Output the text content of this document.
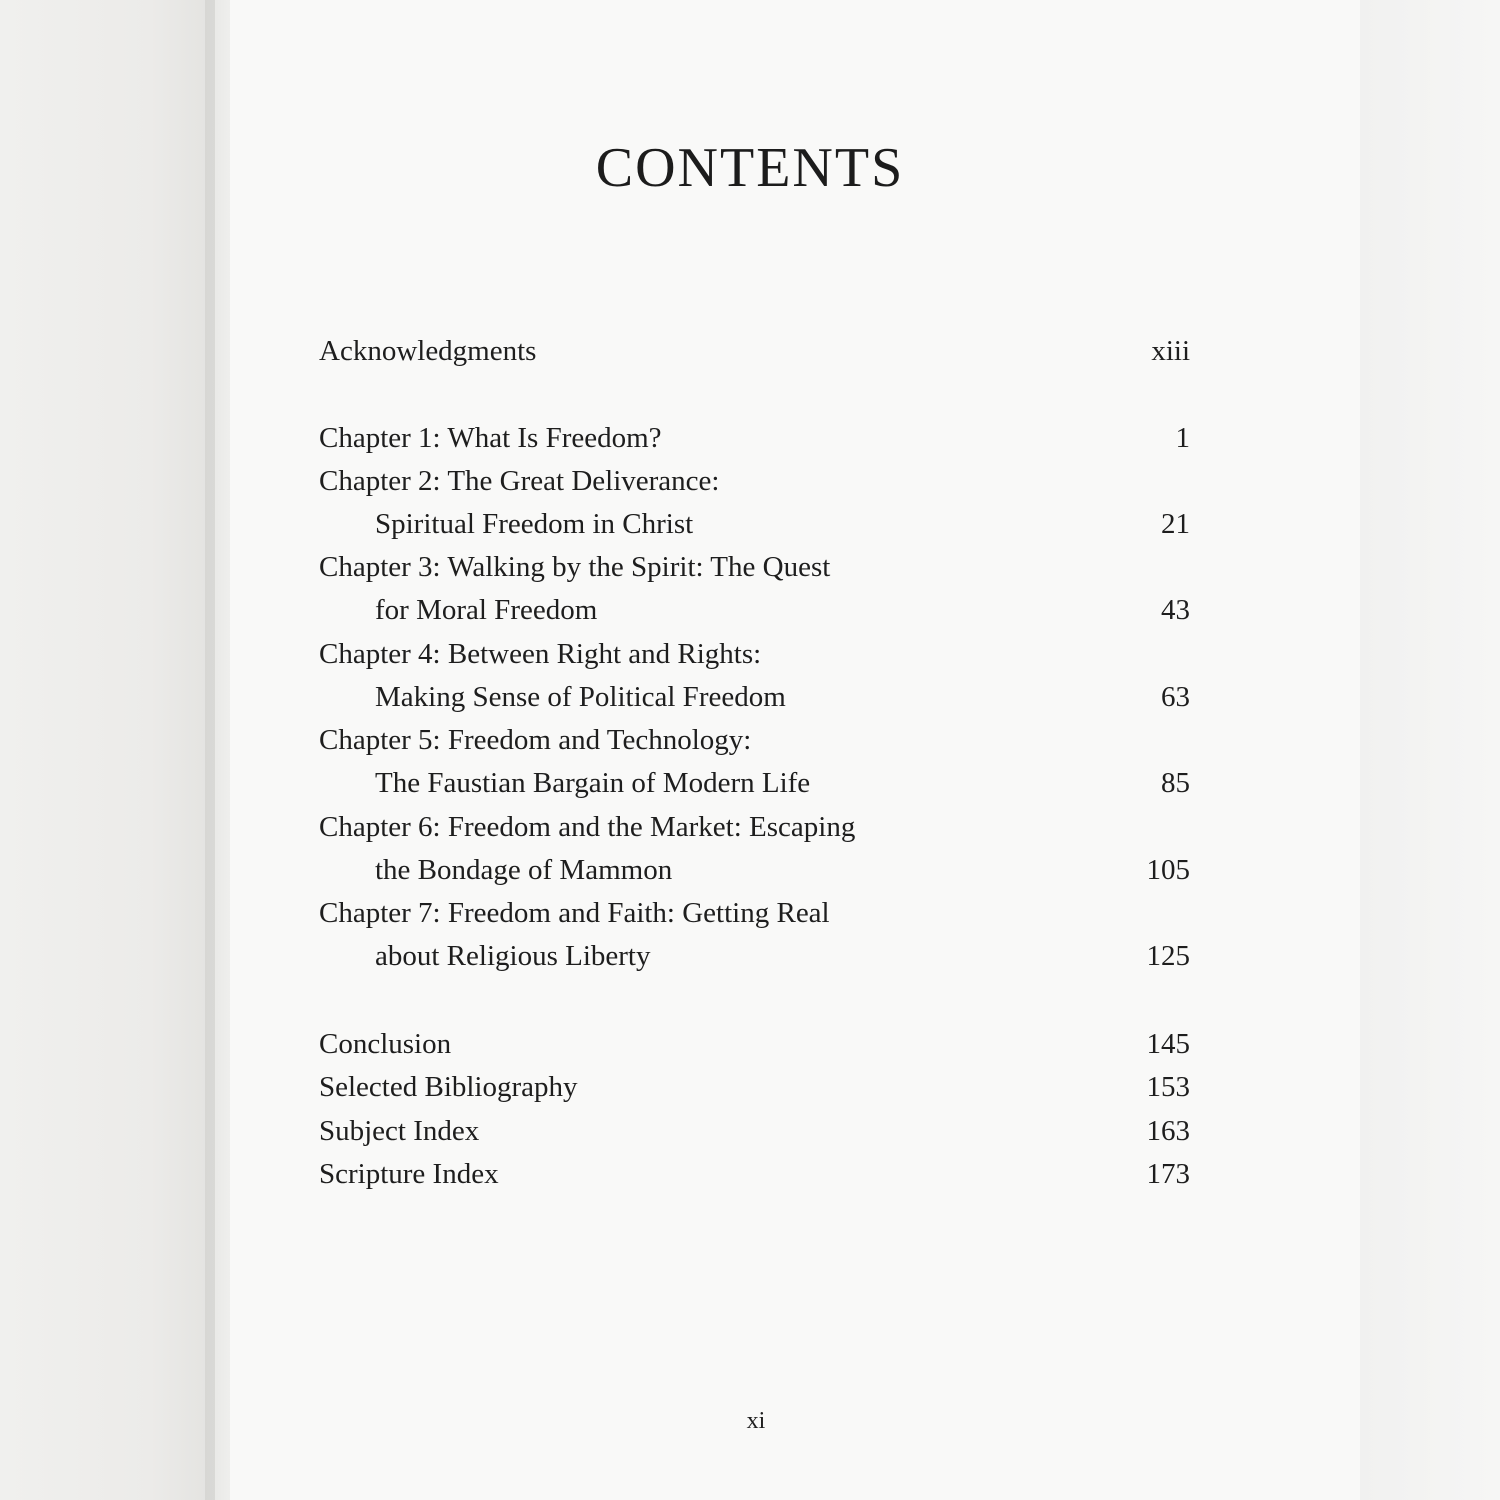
CONTENTS
Acknowledgments	xiii
Chapter 1: What Is Freedom?	1
Chapter 2: The Great Deliverance:
Spiritual Freedom in Christ	21
Chapter 3: Walking by the Spirit: The Quest
for Moral Freedom	43
Chapter 4: Between Right and Rights:
Making Sense of Political Freedom	63
Chapter 5: Freedom and Technology:
The Faustian Bargain of Modern Life	85
Chapter 6: Freedom and the Market: Escaping
the Bondage of Mammon	105
Chapter 7: Freedom and Faith: Getting Real
about Religious Liberty	125
Conclusion	145
Selected Bibliography	153
Subject Index	163
Scripture Index	173
xi
